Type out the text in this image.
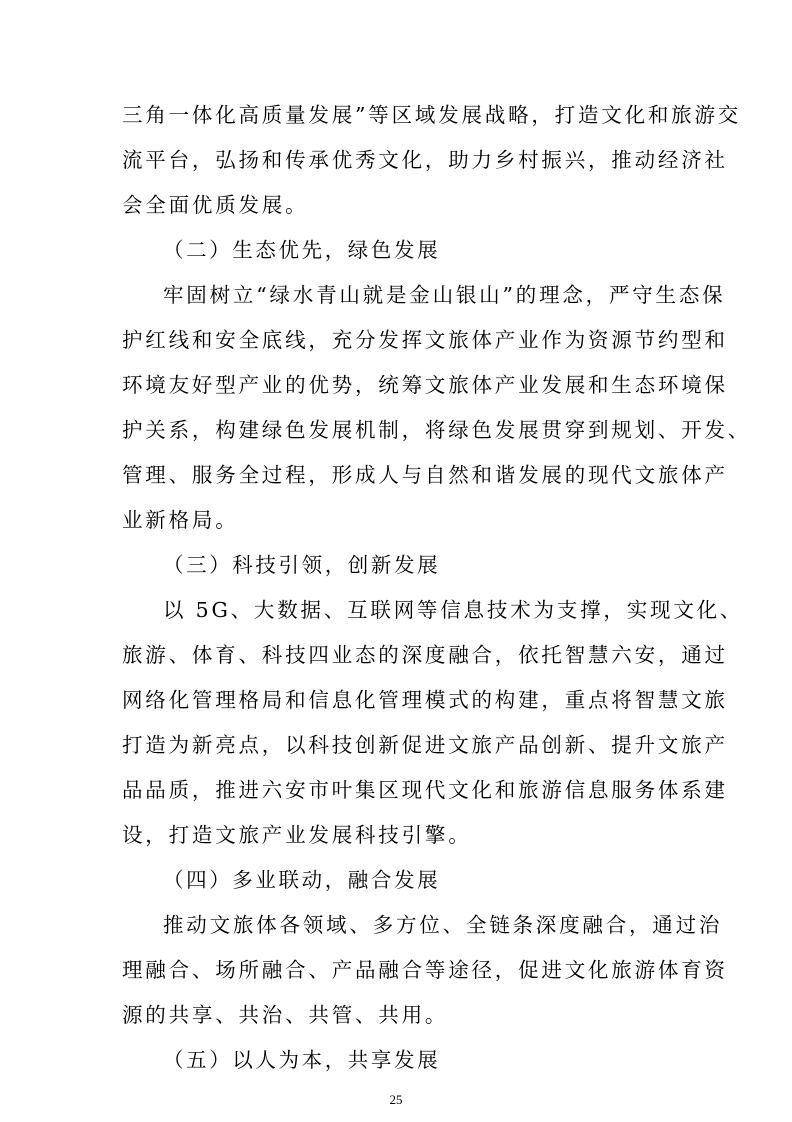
三角一体化高质量发展”等区域发展战略，打造文化和旅游交
流平台，弘扬和传承优秀文化，助力乡村振兴，推动经济社
会全面优质发展。
（二）生态优先，绿色发展
牢固树立“绿水青山就是金山银山”的理念，严守生态保
护红线和安全底线，充分发挥文旅体产业作为资源节约型和
环境友好型产业的优势，统筹文旅体产业发展和生态环境保
护关系，构建绿色发展机制，将绿色发展贯穿到规划、开发、
管理、服务全过程，形成人与自然和谐发展的现代文旅体产
业新格局。
（三）科技引领，创新发展
以 5G、大数据、互联网等信息技术为支撑，实现文化、
旅游、体育、科技四业态的深度融合，依托智慧六安，通过
网络化管理格局和信息化管理模式的构建，重点将智慧文旅
打造为新亮点，以科技创新促进文旅产品创新、提升文旅产
品品质，推进六安市叶集区现代文化和旅游信息服务体系建
设，打造文旅产业发展科技引擎。
（四）多业联动，融合发展
推动文旅体各领域、多方位、全链条深度融合，通过治
理融合、场所融合、产品融合等途径，促进文化旅游体育资
源的共享、共治、共管、共用。
（五）以人为本，共享发展
25
